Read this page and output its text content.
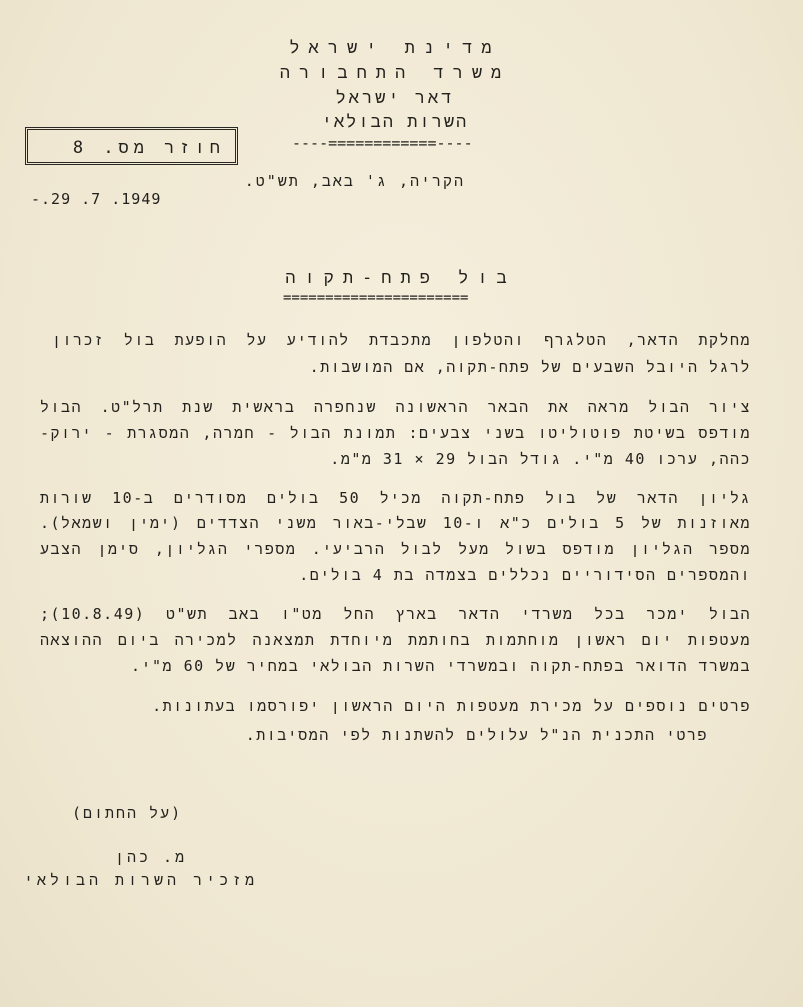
מדינת ישראל
משרד התחבורה
דאר ישראל
השרות הבולאי
----============----
חוזר מס. 8
הקריה, ג' באב, תש"ט.
-.29 .7 .1949
בול פתח-תקוה
======================
מחלקת הדאר, הטלגרף והטלפון מתכבדת להודיע על הופעת בול זכרון
לרגל היובל השבעים של פתח-תקוה, אם המושבות.
ציור הבול מראה את הבאר הראשונה שנחפרה בראשית שנת תרל"ט. הבול
מודפס בשיטת פוטוליטו בשני צבעים: תמונת הבול - חמרה, המסגרת - ירוק-
כהה, ערכו 40 מ"י. גודל הבול 29 × 31 מ"מ.
גליון הדאר של בול פתח-תקוה מכיל 50 בולים מסודרים ב-10 שורות
מאוזנות של 5 בולים כ"א ו-10 שבלי-באור משני הצדדים (ימין ושמאל).
מספר הגליון מודפס בשול מעל לבול הרביעי. מספרי הגליון, סימן הצבע
והמספרים הסידוריים נכללים בצמדה בת 4 בולים.
הבול ימכר בכל משרדי הדאר בארץ החל מט"ו באב תש"ט (10.8.49);
מעטפות יום ראשון מוחתמות בחותמת מיוחדת תמצאנה למכירה ביום ההוצאה
במשרד הדואר בפתח-תקוה ובמשרדי השרות הבולאי במחיר של 60 מ"י.
פרטים נוספים על מכירת מעטפות היום הראשון יפורסמו בעתונות.
פרטי התכנית הנ"ל עלולים להשתנות לפי המסיבות.
(על החתום)
מ. כהן
מזכיר השרות הבולאי
